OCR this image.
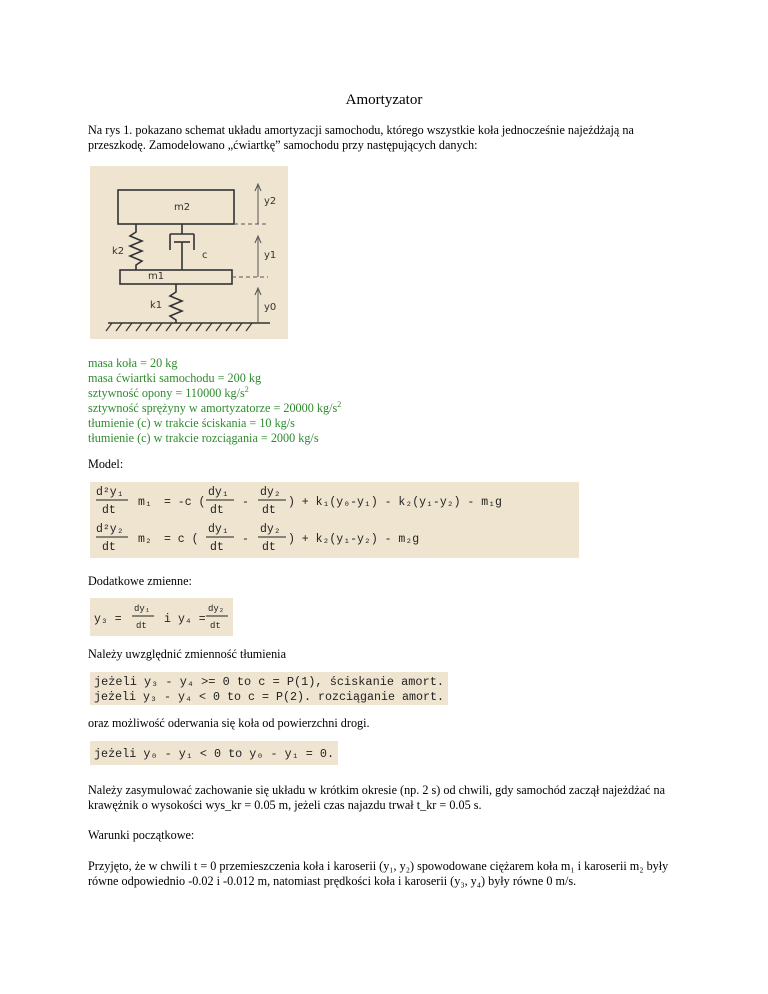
Amortyzator
Na rys 1. pokazano schemat układu amortyzacji samochodu, którego wszystkie koła jednocześnie najeżdżają na przeszkodę. Zamodelowano „ćwiartkę” samochodu przy następujących danych:
m2
k2	c
m1
k1
y2
y1
y0
masa koła = 20 kg
masa ćwiartki samochodu = 200 kg
sztywność opony = 110000 $kg/s^2$
sztywność sprężyny w amortyzatorze = 20000 $kg/s^2$
tłumienie (c) w trakcie ściskania = 10 kg/s
tłumienie (c) w trakcie rozciągania = 2000 kg/s
Model:
d²y₁
dt
m₁ = -c (
dy₁
dt
-
dy₂
dt
) + k₁(y₀-y₁) - k₂(y₁-y₂) - m₁g
d²y₂
dt
m₂ = c (
dy₁
dt
-
dy₂
dt
) + k₂(y₁-y₂) - m₂g
Dodatkowe zmienne:
y₃ =
dy₁
dt i y₄ =
dy₂
dt
Należy uwzględnić zmienność tłumienia
jeżeli y₃ - y₄ >= 0 to c = P(1), ściskanie amort.
jeżeli y₃ - y₄ < 0 to c = P(2). rozciąganie amort.
oraz możliwość oderwania się koła od powierzchni drogi.
jeżeli y₀ - y₁ < 0 to y₀ - y₁ = 0.
Należy zasymulować zachowanie się układu w krótkim okresie (np. 2 s) od chwili, gdy samochód zaczął najeżdżać na krawężnik o wysokości wys_kr = 0.05 m, jeżeli czas najazdu trwał t_kr = 0.05 s.
Warunki początkowe:
Przyjęto, że w chwili t = 0 przemieszczenia koła i karoserii (y₁, y₂) spowodowane ciężarem koła m₁ i karoserii m₂ były równe odpowiednio -0.02 i -0.012 m, natomiast prędkości koła i karoserii (y₃, y₄) były równe 0 m/s.
